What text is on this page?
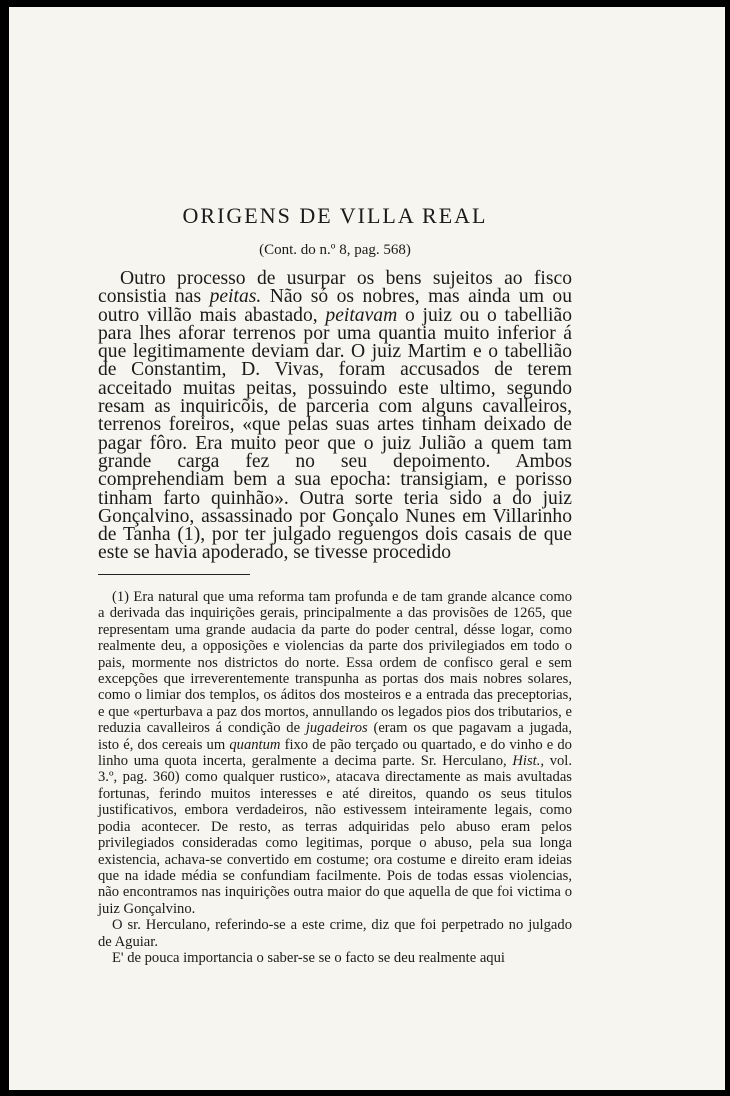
ORIGENS DE VILLA REAL

(Cont. do n.º 8, pag. 568)

Outro processo de usurpar os bens sujeitos ao fisco consistia nas peitas. Não só os nobres, mas ainda um ou outro villão mais abastado, peitavam o juiz ou o tabellião para lhes aforar terrenos por uma quantia muito inferior á que legitimamente deviam dar. O juiz Martim e o tabellião de Constantim, D. Vivas, foram accusados de terem acceitado muitas peitas, possuindo este ultimo, segundo resam as inquiricõis, de parceria com alguns cavalleiros, terrenos foreiros, «que pelas suas artes tinham deixado de pagar fôro. Era muito peor que o juiz Julião a quem tam grande carga fez no seu depoimento. Ambos comprehendiam bem a sua epocha: transigiam, e porisso tinham farto quinhão». Outra sorte teria sido a do juiz Gonçalvino, assassinado por Gonçalo Nunes em Villarinho de Tanha (1), por ter julgado reguengos dois casais de que este se havia apoderado, se tivesse procedido

(1) Era natural que uma reforma tam profunda e de tam grande alcance como a derivada das inquirições gerais, principalmente a das provisões de 1265, que representam uma grande audacia da parte do poder central, désse logar, como realmente deu, a opposições e violencias da parte dos privilegiados em todo o pais, mormente nos districtos do norte. Essa ordem de confisco geral e sem excepções que irreverentemente transpunha as portas dos mais nobres solares, como o limiar dos templos, os áditos dos mosteiros e a entrada das preceptorias, e que «perturbava a paz dos mortos, annullando os legados pios dos tributarios, e reduzia cavalleiros á condição de jugadeiros (eram os que pagavam a jugada, isto é, dos cereais um quantum fixo de pão terçado ou quartado, e do vinho e do linho uma quota incerta, geralmente a decima parte. Sr. Herculano, Hist., vol. 3.º, pag. 360) como qualquer rustico», atacava directamente as mais avultadas fortunas, ferindo muitos interesses e até direitos, quando os seus titulos justificativos, embora verdadeiros, não estivessem inteiramente legais, como podia acontecer. De resto, as terras adquiridas pelo abuso eram pelos privilegiados consideradas como legitimas, porque o abuso, pela sua longa existencia, achava-se convertido em costume; ora costume e direito eram ideias que na idade média se confundiam facilmente. Pois de todas essas violencias, não encontramos nas inquirições outra maior do que aquella de que foi victima o juiz Gonçalvino.

O sr. Herculano, referindo-se a este crime, diz que foi perpetrado no julgado de Aguiar.

E' de pouca importancia o saber-se se o facto se deu realmente aqui
